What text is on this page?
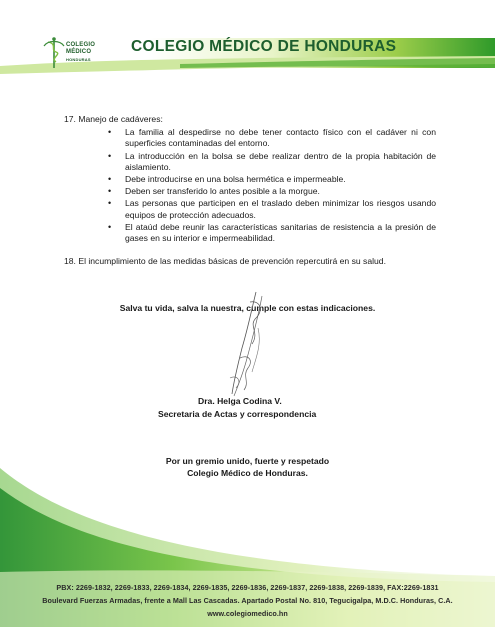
COLEGIO
MÉDICO
HONDURAS
COLEGIO MÉDICO DE HONDURAS
17. Manejo de cadáveres:
• La familia al despedirse no debe tener contacto físico con el cadáver ni con superficies contaminadas del entorno.
• La introducción en la bolsa se debe realizar dentro de la propia habitación de aislamiento.
• Debe introducirse en una bolsa hermética e impermeable.
• Deben ser transferido lo antes posible a la morgue.
• Las personas que participen en el traslado deben minimizar los riesgos usando equipos de protección adecuados.
• El ataúd debe reunir las características sanitarias de resistencia a la presión de gases en su interior e impermeabilidad.
18. El incumplimiento de las medidas básicas de prevención repercutirá en su salud.
Salva tu vida, salva la nuestra, cumple con estas indicaciones.
Dra. Helga Codina V.
Secretaria de Actas y correspondencia
Por un gremio unido, fuerte y respetado
Colegio Médico de Honduras.
PBX: 2269-1832, 2269-1833, 2269-1834, 2269-1835, 2269-1836, 2269-1837, 2269-1838, 2269-1839, FAX:2269-1831
Boulevard Fuerzas Armadas, frente a Mall Las Cascadas. Apartado Postal No. 810, Tegucigalpa, M.D.C. Honduras, C.A.
www.colegiomedico.hn
